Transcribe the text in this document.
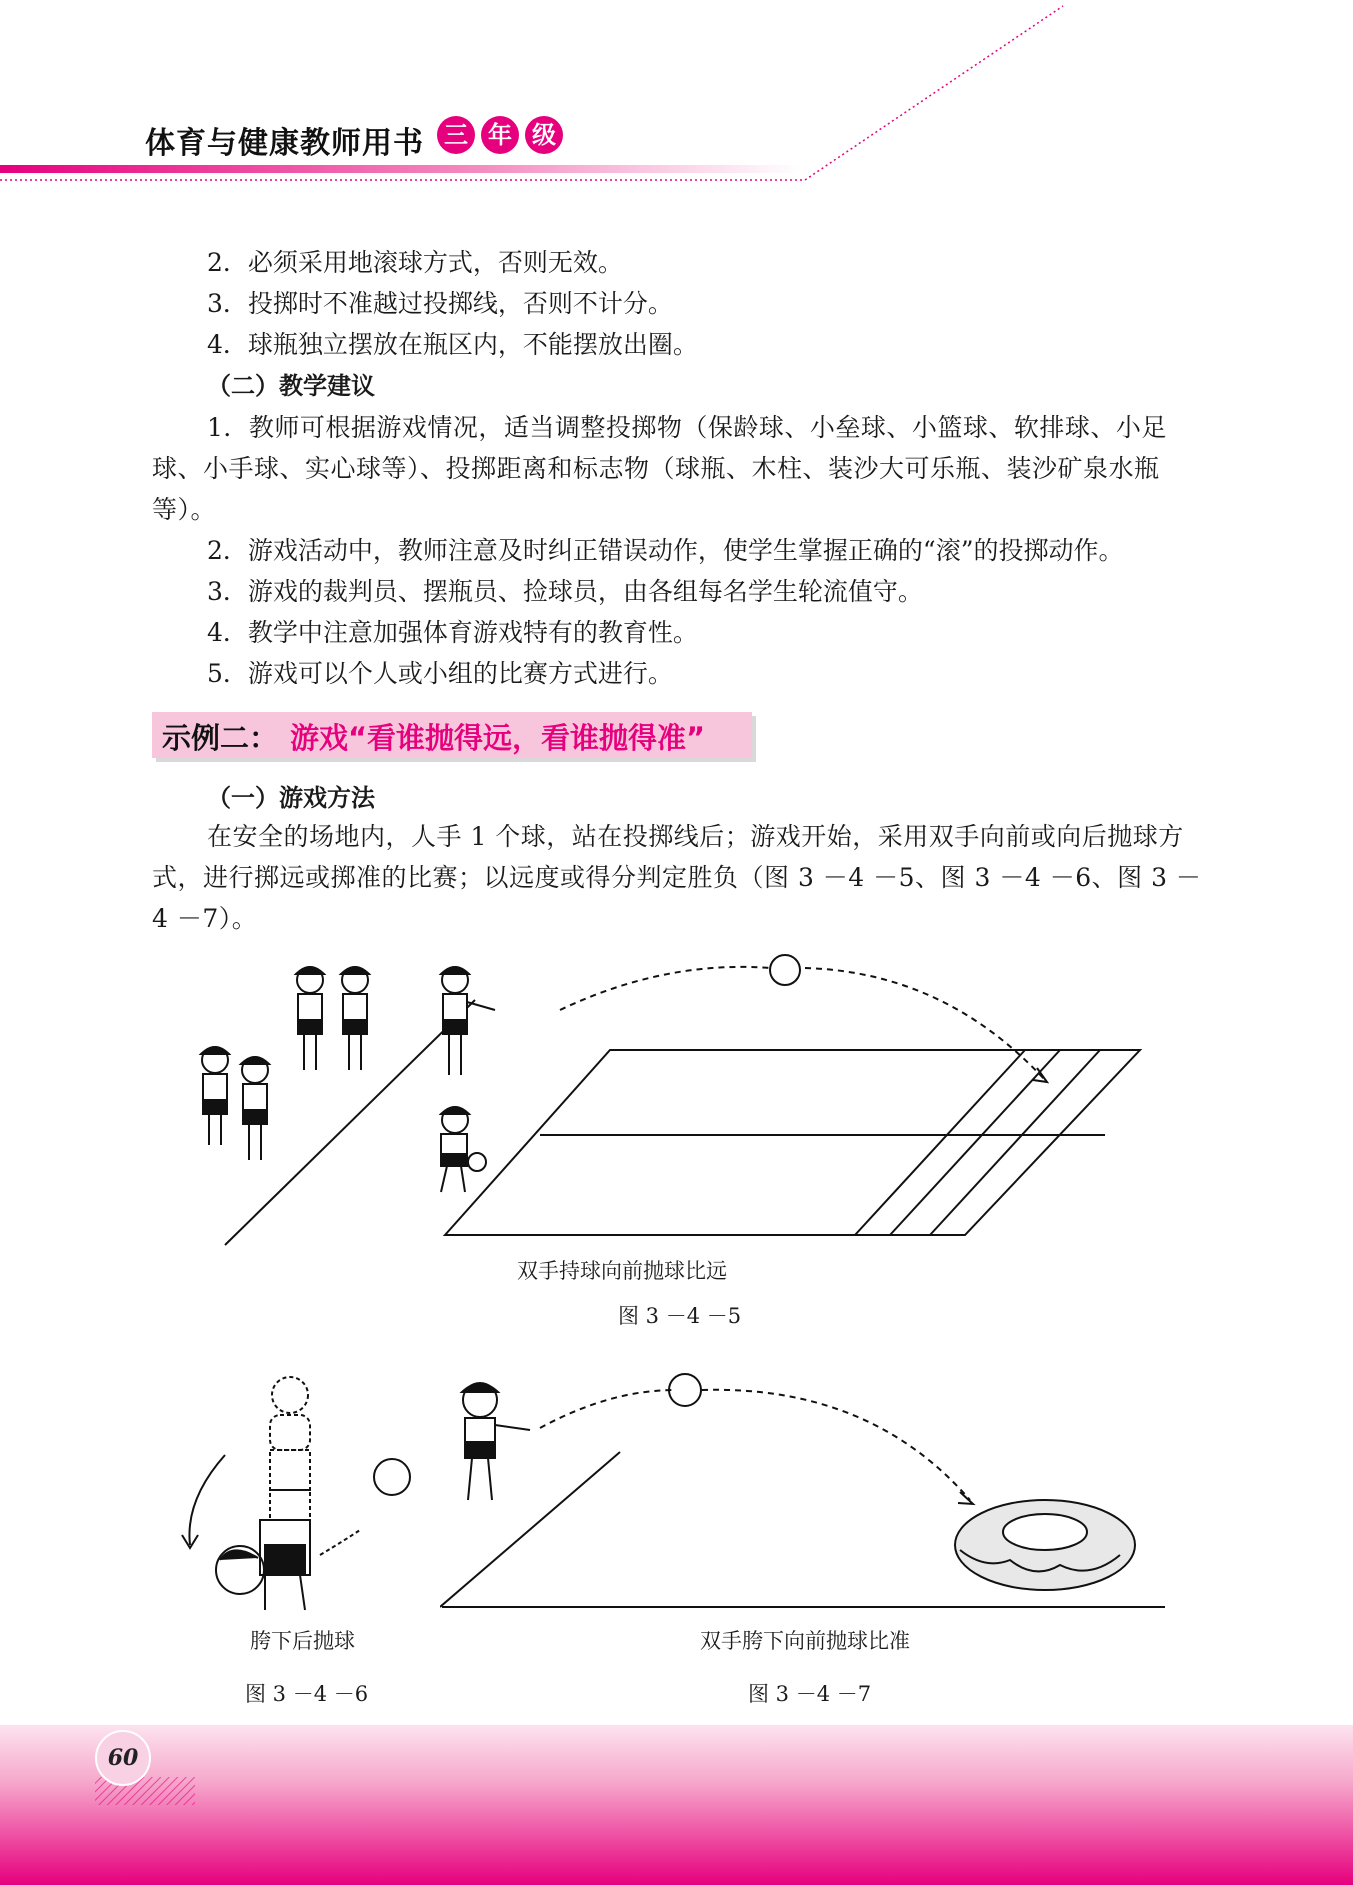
体育与健康教师用书 三 年 级
2．必须采用地滚球方式，否则无效。
3．投掷时不准越过投掷线，否则不计分。
4．球瓶独立摆放在瓶区内，不能摆放出圈。
（二）教学建议
1．教师可根据游戏情况，适当调整投掷物（保龄球、小垒球、小篮球、软排球、小足球、小手球、实心球等）、投掷距离和标志物（球瓶、木柱、装沙大可乐瓶、装沙矿泉水瓶等）。
2．游戏活动中，教师注意及时纠正错误动作，使学生掌握正确的“滚”的投掷动作。
3．游戏的裁判员、摆瓶员、捡球员，由各组每名学生轮流值守。
4．教学中注意加强体育游戏特有的教育性。
5．游戏可以个人或小组的比赛方式进行。
示例二： 游戏“看谁抛得远，看谁抛得准”
（一）游戏方法
在安全的场地内，人手 1 个球，站在投掷线后；游戏开始，采用双手向前或向后抛球方式，进行掷远或掷准的比赛；以远度或得分判定胜负（图 3 －4 －5、图 3 －4 －6、图 3 －4 －7）。
双手持球向前抛球比远
图 3 －4 －5
胯下后抛球
图 3 －4 －6
双手胯下向前抛球比准
图 3 －4 －7
60
